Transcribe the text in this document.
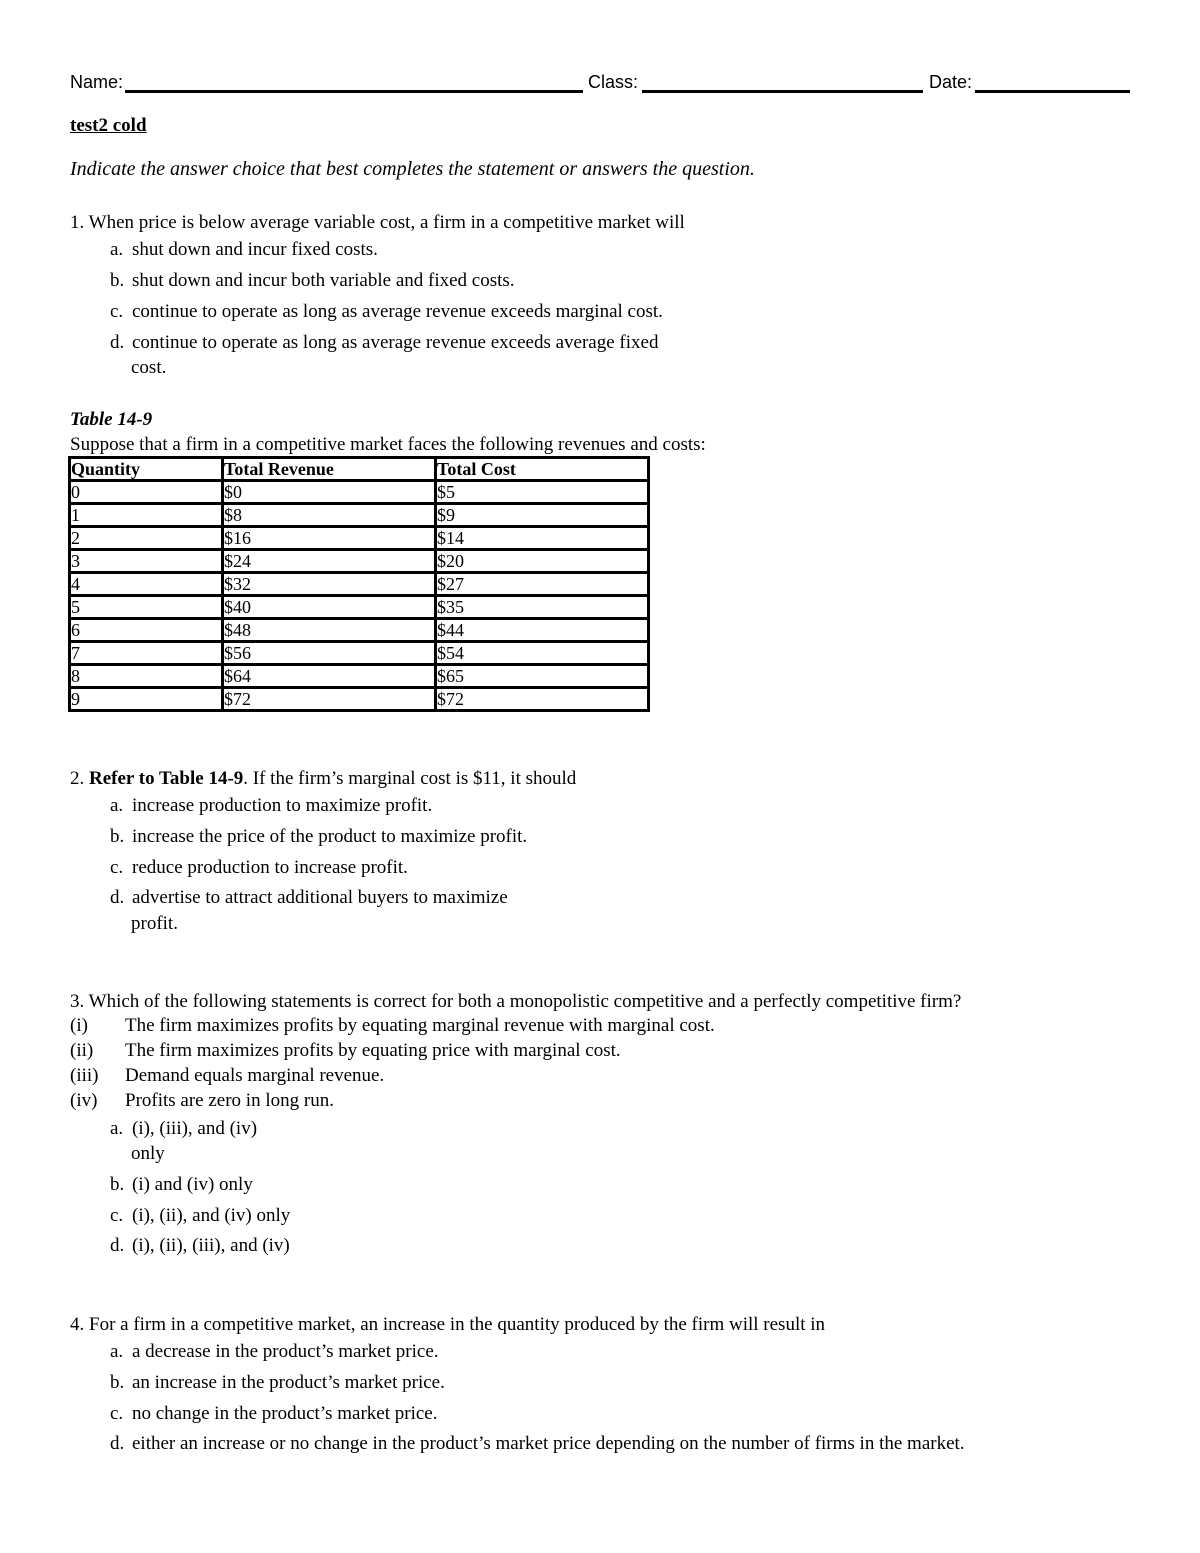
Name:	Class:	Date:
test2 cold
Indicate the answer choice that best completes the statement or answers the question.
1. When price is below average variable cost, a firm in a competitive market will
a. shut down and incur fixed costs.
b. shut down and incur both variable and fixed costs.
c. continue to operate as long as average revenue exceeds marginal cost.
d. continue to operate as long as average revenue exceeds average fixed
cost.
Table 14-9
Suppose that a firm in a competitive market faces the following revenues and costs:
Quantity	Total Revenue	Total Cost
0	$0	$5
1	$8	$9
2	$16	$14
3	$24	$20
4	$32	$27
5	$40	$35
6	$48	$44
7	$56	$54
8	$64	$65
9	$72	$72
2. Refer to Table 14-9. If the firm’s marginal cost is $11, it should
a. increase production to maximize profit.
b. increase the price of the product to maximize profit.
c. reduce production to increase profit.
d. advertise to attract additional buyers to maximize
profit.
3. Which of the following statements is correct for both a monopolistic competitive and a perfectly competitive firm?
(i) The firm maximizes profits by equating marginal revenue with marginal cost.
(ii) The firm maximizes profits by equating price with marginal cost.
(iii) Demand equals marginal revenue.
(iv) Profits are zero in long run.
a. (i), (iii), and (iv)
only
b. (i) and (iv) only
c. (i), (ii), and (iv) only
d. (i), (ii), (iii), and (iv)
4. For a firm in a competitive market, an increase in the quantity produced by the firm will result in
a. a decrease in the product’s market price.
b. an increase in the product’s market price.
c. no change in the product’s market price.
d. either an increase or no change in the product’s market price depending on the number of firms in the market.
